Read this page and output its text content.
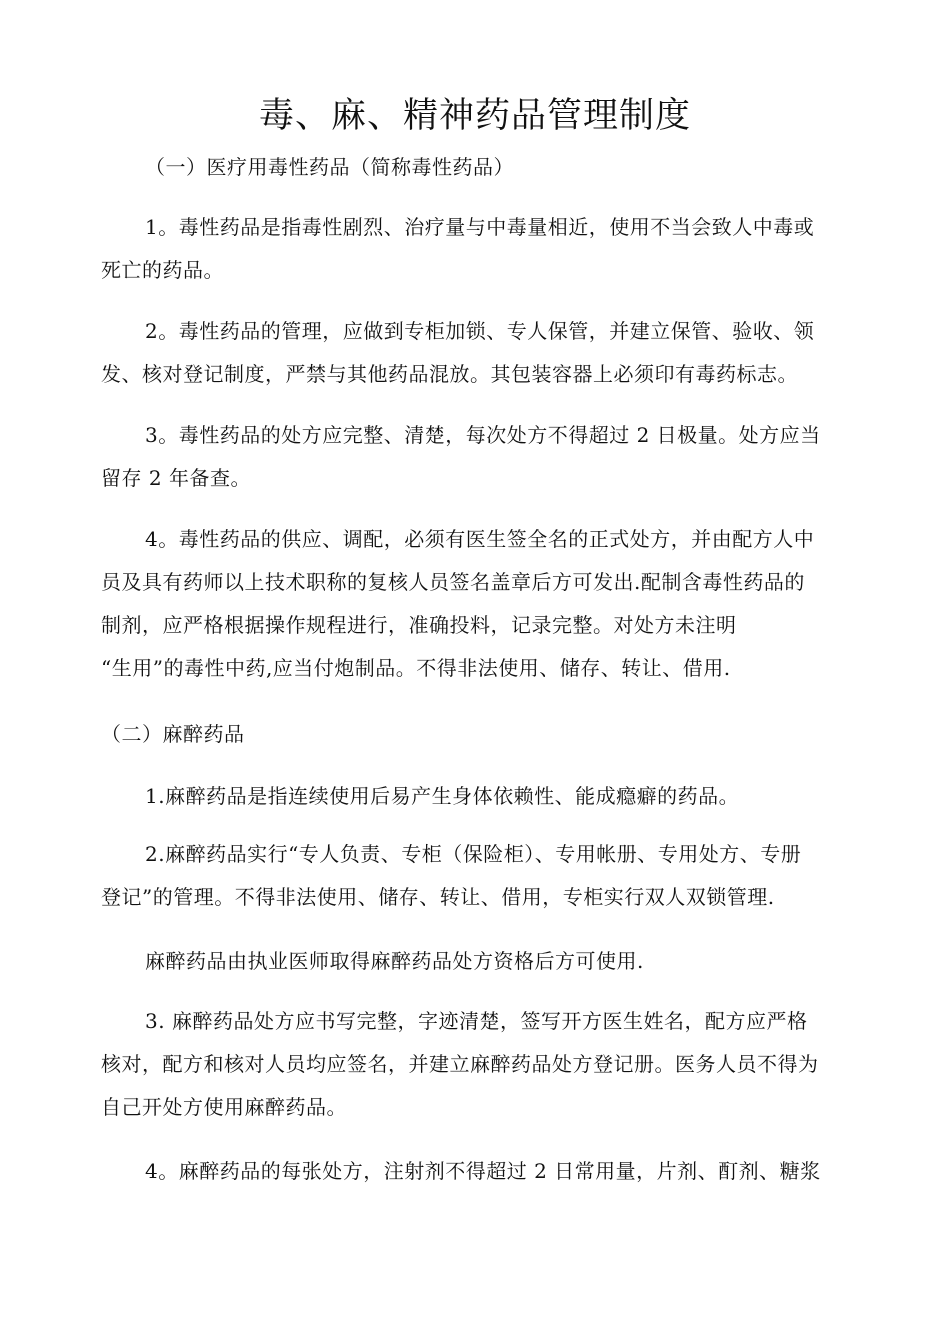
毒、麻、精神药品管理制度

（一）医疗用毒性药品（简称毒性药品）

1。毒性药品是指毒性剧烈、治疗量与中毒量相近，使用不当会致人中毒或
死亡的药品。

2。毒性药品的管理，应做到专柜加锁、专人保管，并建立保管、验收、领
发、核对登记制度，严禁与其他药品混放。其包装容器上必须印有毒药标志。

3。毒性药品的处方应完整、清楚，每次处方不得超过 2 日极量。处方应当
留存 2 年备查。

4。毒性药品的供应、调配，必须有医生签全名的正式处方，并由配方人中
员及具有药师以上技术职称的复核人员签名盖章后方可发出.配制含毒性药品的
制剂，应严格根据操作规程进行，准确投料，记录完整。对处方未注明
“生用”的毒性中药,应当付炮制品。不得非法使用、储存、转让、借用.

（二）麻醉药品

1.麻醉药品是指连续使用后易产生身体依赖性、能成瘾癖的药品。

2.麻醉药品实行“专人负责、专柜（保险柜）、专用帐册、专用处方、专册
登记”的管理。不得非法使用、储存、转让、借用，专柜实行双人双锁管理.

麻醉药品由执业医师取得麻醉药品处方资格后方可使用.

3. 麻醉药品处方应书写完整，字迹清楚，签写开方医生姓名，配方应严格
核对，配方和核对人员均应签名，并建立麻醉药品处方登记册。医务人员不得为
自己开处方使用麻醉药品。

4。麻醉药品的每张处方，注射剂不得超过 2 日常用量，片剂、酊剂、糖浆
